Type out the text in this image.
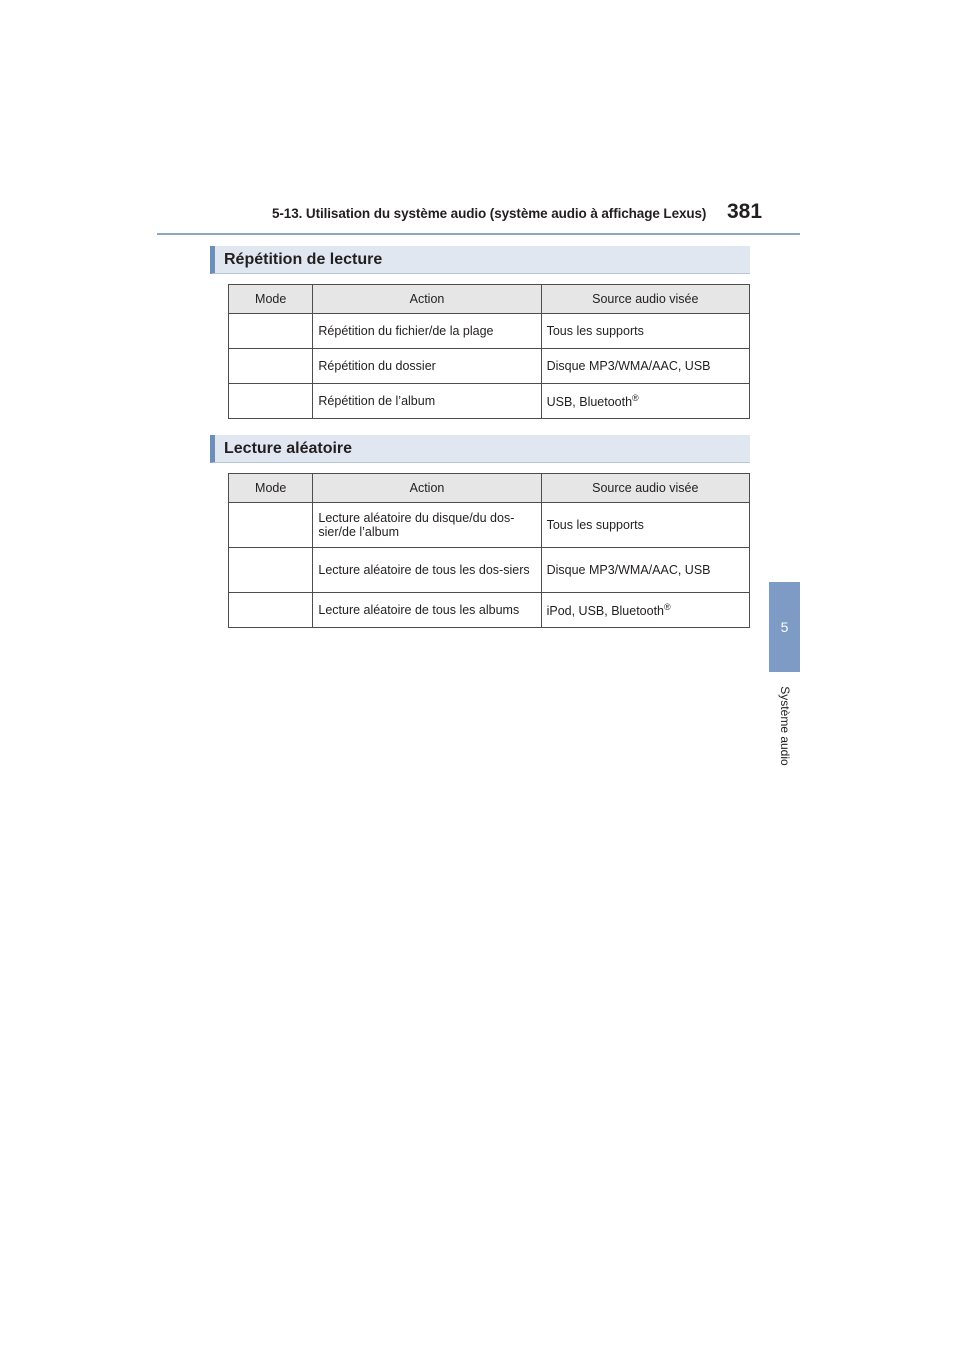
5-13. Utilisation du système audio (système audio à affichage Lexus) 381
5
Système audio
Répétition de lecture
Mode	Action	Source audio visée
	Répétition du fichier/de la plage	Tous les supports
	Répétition du dossier	Disque MP3/WMA/AAC, USB
	Répétition de l’album	USB, Bluetooth®
Lecture aléatoire
Mode	Action	Source audio visée
	Lecture aléatoire du disque/du dos-sier/de l’album	Tous les supports
	Lecture aléatoire de tous les dos-siers	Disque MP3/WMA/AAC, USB
	Lecture aléatoire de tous les albums	iPod, USB, Bluetooth®
